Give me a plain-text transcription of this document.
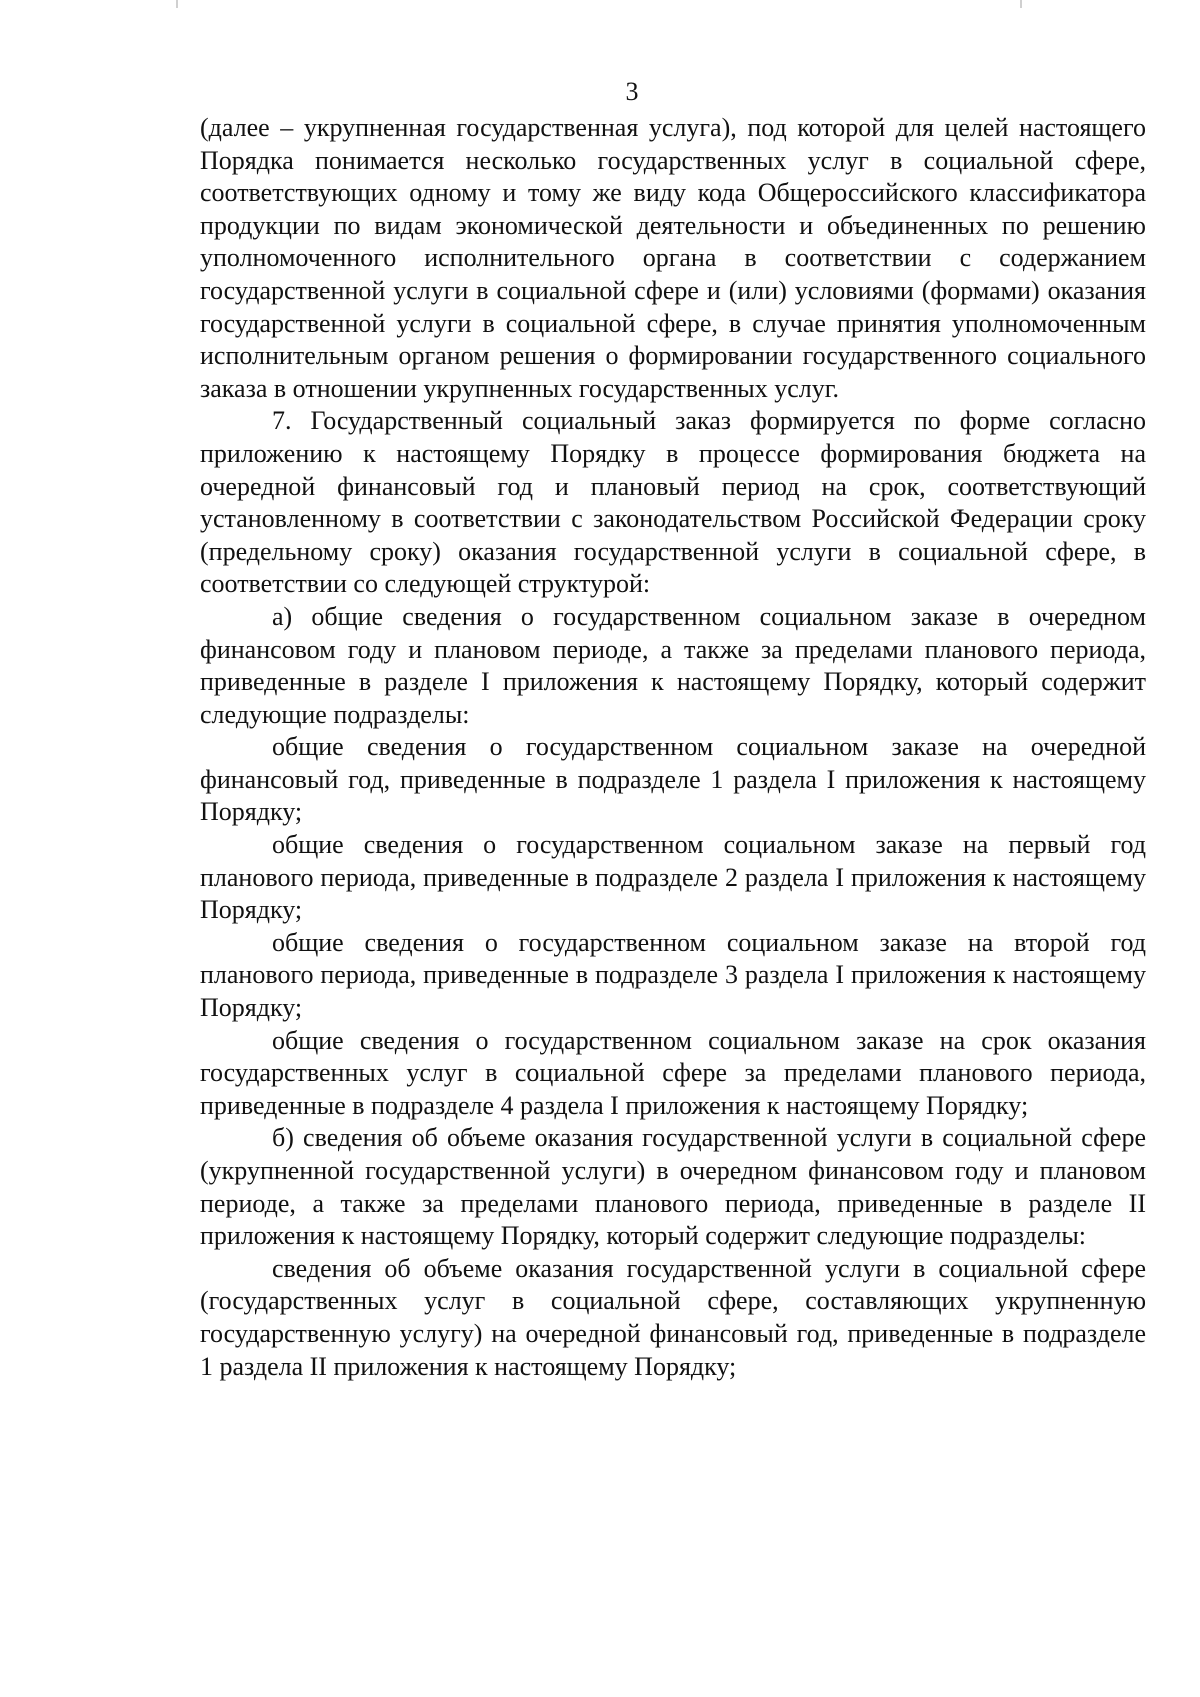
3

(далее – укрупненная государственная услуга), под которой для целей настоящего Порядка понимается несколько государственных услуг в социальной сфере, соответствующих одному и тому же виду кода Общероссийского классификатора продукции по видам экономической деятельности и объединенных по решению уполномоченного исполнительного органа в соответствии с содержанием государственной услуги в социальной сфере и (или) условиями (формами) оказания государственной услуги в социальной сфере, в случае принятия уполномоченным исполнительным органом решения о формировании государственного социального заказа в отношении укрупненных государственных услуг.

7. Государственный социальный заказ формируется по форме согласно приложению к настоящему Порядку в процессе формирования бюджета на очередной финансовый год и плановый период на срок, соответствующий установленному в соответствии с законодательством Российской Федерации сроку (предельному сроку) оказания государственной услуги в социальной сфере, в соответствии со следующей структурой:

а) общие сведения о государственном социальном заказе в очередном финансовом году и плановом периоде, а также за пределами планового периода, приведенные в разделе I приложения к настоящему Порядку, который содержит следующие подразделы:

общие сведения о государственном социальном заказе на очередной финансовый год, приведенные в подразделе 1 раздела I приложения к настоящему Порядку;

общие сведения о государственном социальном заказе на первый год планового периода, приведенные в подразделе 2 раздела I приложения к настоящему Порядку;

общие сведения о государственном социальном заказе на второй год планового периода, приведенные в подразделе 3 раздела I приложения к настоящему Порядку;

общие сведения о государственном социальном заказе на срок оказания государственных услуг в социальной сфере за пределами планового периода, приведенные в подразделе 4 раздела I приложения к настоящему Порядку;

б) сведения об объеме оказания государственной услуги в социальной сфере (укрупненной государственной услуги) в очередном финансовом году и плановом периоде, а также за пределами планового периода, приведенные в разделе II приложения к настоящему Порядку, который содержит следующие подразделы:

сведения об объеме оказания государственной услуги в социальной сфере (государственных услуг в социальной сфере, составляющих укрупненную государственную услугу) на очередной финансовый год, приведенные в подразделе 1 раздела II приложения к настоящему Порядку;
